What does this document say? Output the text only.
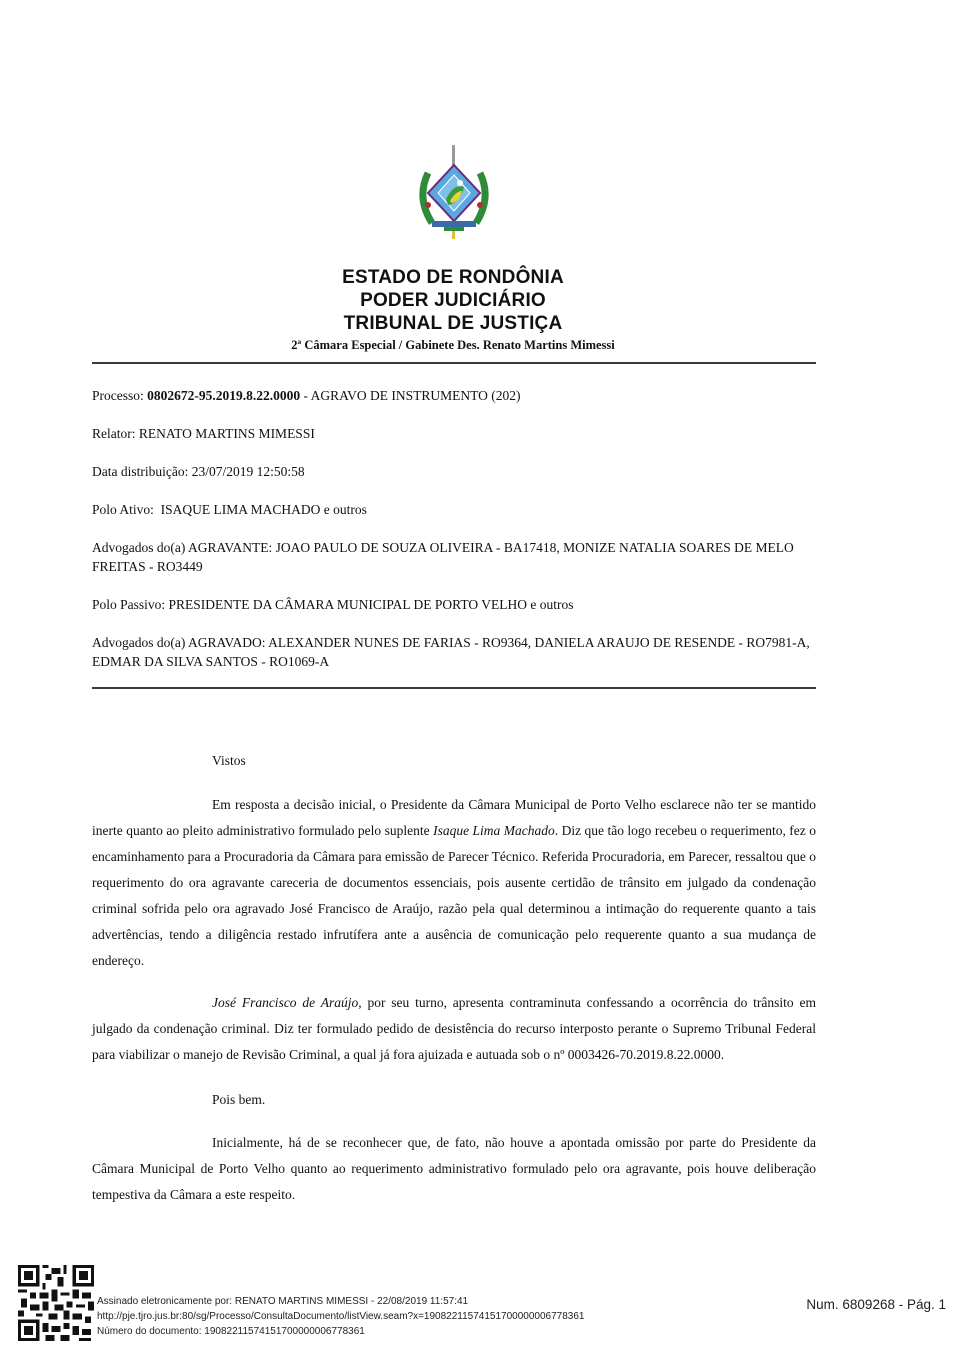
ESTADO DE RONDÔNIA
PODER JUDICIÁRIO
TRIBUNAL DE JUSTIÇA
2ª Câmara Especial / Gabinete Des. Renato Martins Mimessi
Processo: 0802672-95.2019.8.22.0000 - AGRAVO DE INSTRUMENTO (202)
Relator: RENATO MARTINS MIMESSI
Data distribuição: 23/07/2019 12:50:58
Polo Ativo:  ISAQUE LIMA MACHADO e outros
Advogados do(a) AGRAVANTE: JOAO PAULO DE SOUZA OLIVEIRA - BA17418, MONIZE NATALIA SOARES DE MELO FREITAS - RO3449
Polo Passivo: PRESIDENTE DA CÂMARA MUNICIPAL DE PORTO VELHO e outros
Advogados do(a) AGRAVADO: ALEXANDER NUNES DE FARIAS - RO9364, DANIELA ARAUJO DE RESENDE - RO7981-A, EDMAR DA SILVA SANTOS - RO1069-A
Vistos
Em resposta a decisão inicial, o Presidente da Câmara Municipal de Porto Velho esclarece não ter se mantido inerte quanto ao pleito administrativo formulado pelo suplente Isaque Lima Machado. Diz que tão logo recebeu o requerimento, fez o encaminhamento para a Procuradoria da Câmara para emissão de Parecer Técnico. Referida Procuradoria, em Parecer, ressaltou que o requerimento do ora agravante careceria de documentos essenciais, pois ausente certidão de trânsito em julgado da condenação criminal sofrida pelo ora agravado José Francisco de Araújo, razão pela qual determinou a intimação do requerente quanto a tais advertências, tendo a diligência restado infrutífera ante a ausência de comunicação pelo requerente quanto a sua mudança de endereço.
José Francisco de Araújo, por seu turno, apresenta contraminuta confessando a ocorrência do trânsito em julgado da condenação criminal. Diz ter formulado pedido de desistência do recurso interposto perante o Supremo Tribunal Federal para viabilizar o manejo de Revisão Criminal, a qual já fora ajuizada e autuada sob o nº 0003426-70.2019.8.22.0000.
Pois bem.
Inicialmente, há de se reconhecer que, de fato, não houve a apontada omissão por parte do Presidente da Câmara Municipal de Porto Velho quanto ao requerimento administrativo formulado pelo ora agravante, pois houve deliberação tempestiva da Câmara a este respeito.
Assinado eletronicamente por: RENATO MARTINS MIMESSI - 22/08/2019 11:57:41
http://pje.tjro.jus.br:80/sg/Processo/ConsultaDocumento/listView.seam?x=19082211574151700000006778361
Número do documento: 19082211574151700000006778361
Num. 6809268 - Pág. 1
